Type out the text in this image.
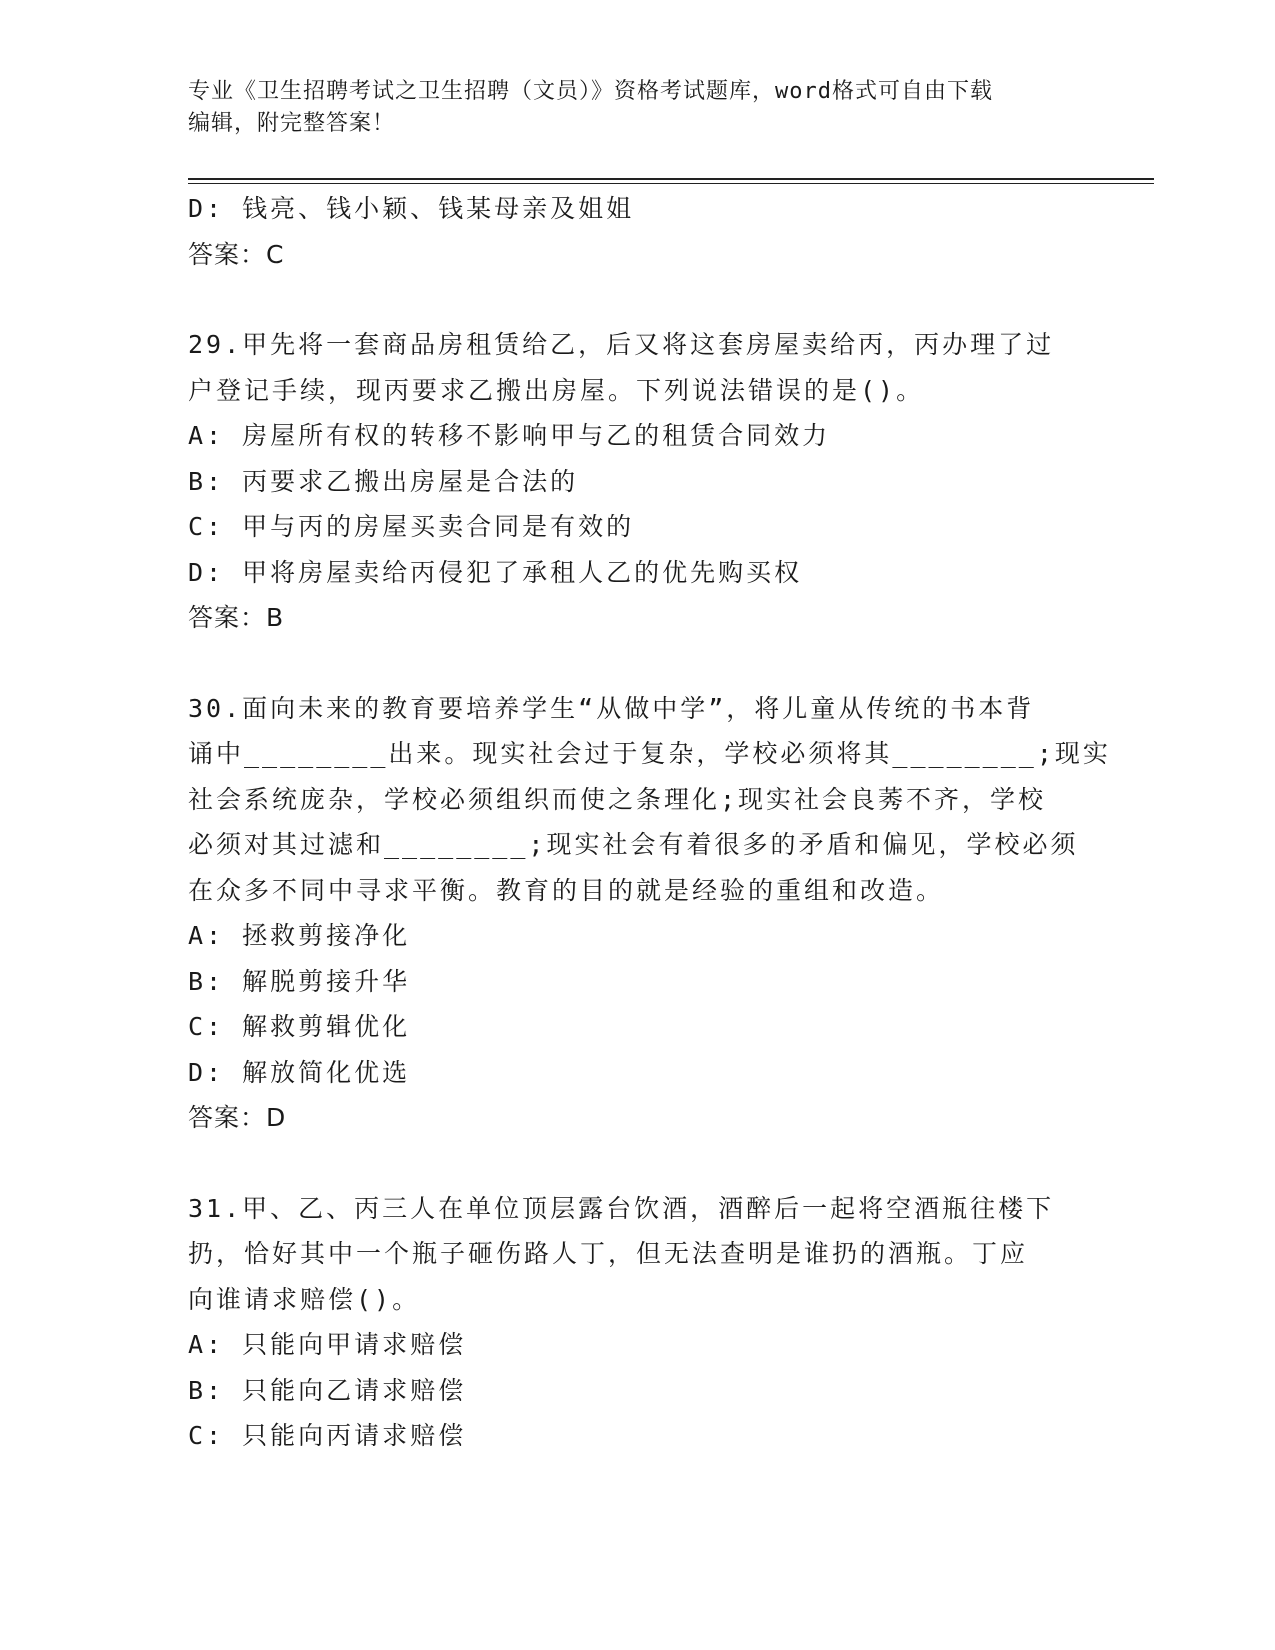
专业《卫生招聘考试之卫生招聘（文员）》资格考试题库，word格式可自由下载
编辑，附完整答案！
D: 钱亮、钱小颖、钱某母亲及姐姐
答案：C
29.甲先将一套商品房租赁给乙，后又将这套房屋卖给丙，丙办理了过
户登记手续，现丙要求乙搬出房屋。下列说法错误的是()。
A: 房屋所有权的转移不影响甲与乙的租赁合同效力
B: 丙要求乙搬出房屋是合法的
C: 甲与丙的房屋买卖合同是有效的
D: 甲将房屋卖给丙侵犯了承租人乙的优先购买权
答案：B
30.面向未来的教育要培养学生“从做中学”，将儿童从传统的书本背
诵中________出来。现实社会过于复杂，学校必须将其________;现实
社会系统庞杂，学校必须组织而使之条理化;现实社会良莠不齐，学校
必须对其过滤和________;现实社会有着很多的矛盾和偏见，学校必须
在众多不同中寻求平衡。教育的目的就是经验的重组和改造。
A: 拯救剪接净化
B: 解脱剪接升华
C: 解救剪辑优化
D: 解放简化优选
答案：D
31.甲、乙、丙三人在单位顶层露台饮酒，酒醉后一起将空酒瓶往楼下
扔，恰好其中一个瓶子砸伤路人丁，但无法查明是谁扔的酒瓶。丁应
向谁请求赔偿()。
A: 只能向甲请求赔偿
B: 只能向乙请求赔偿
C: 只能向丙请求赔偿
